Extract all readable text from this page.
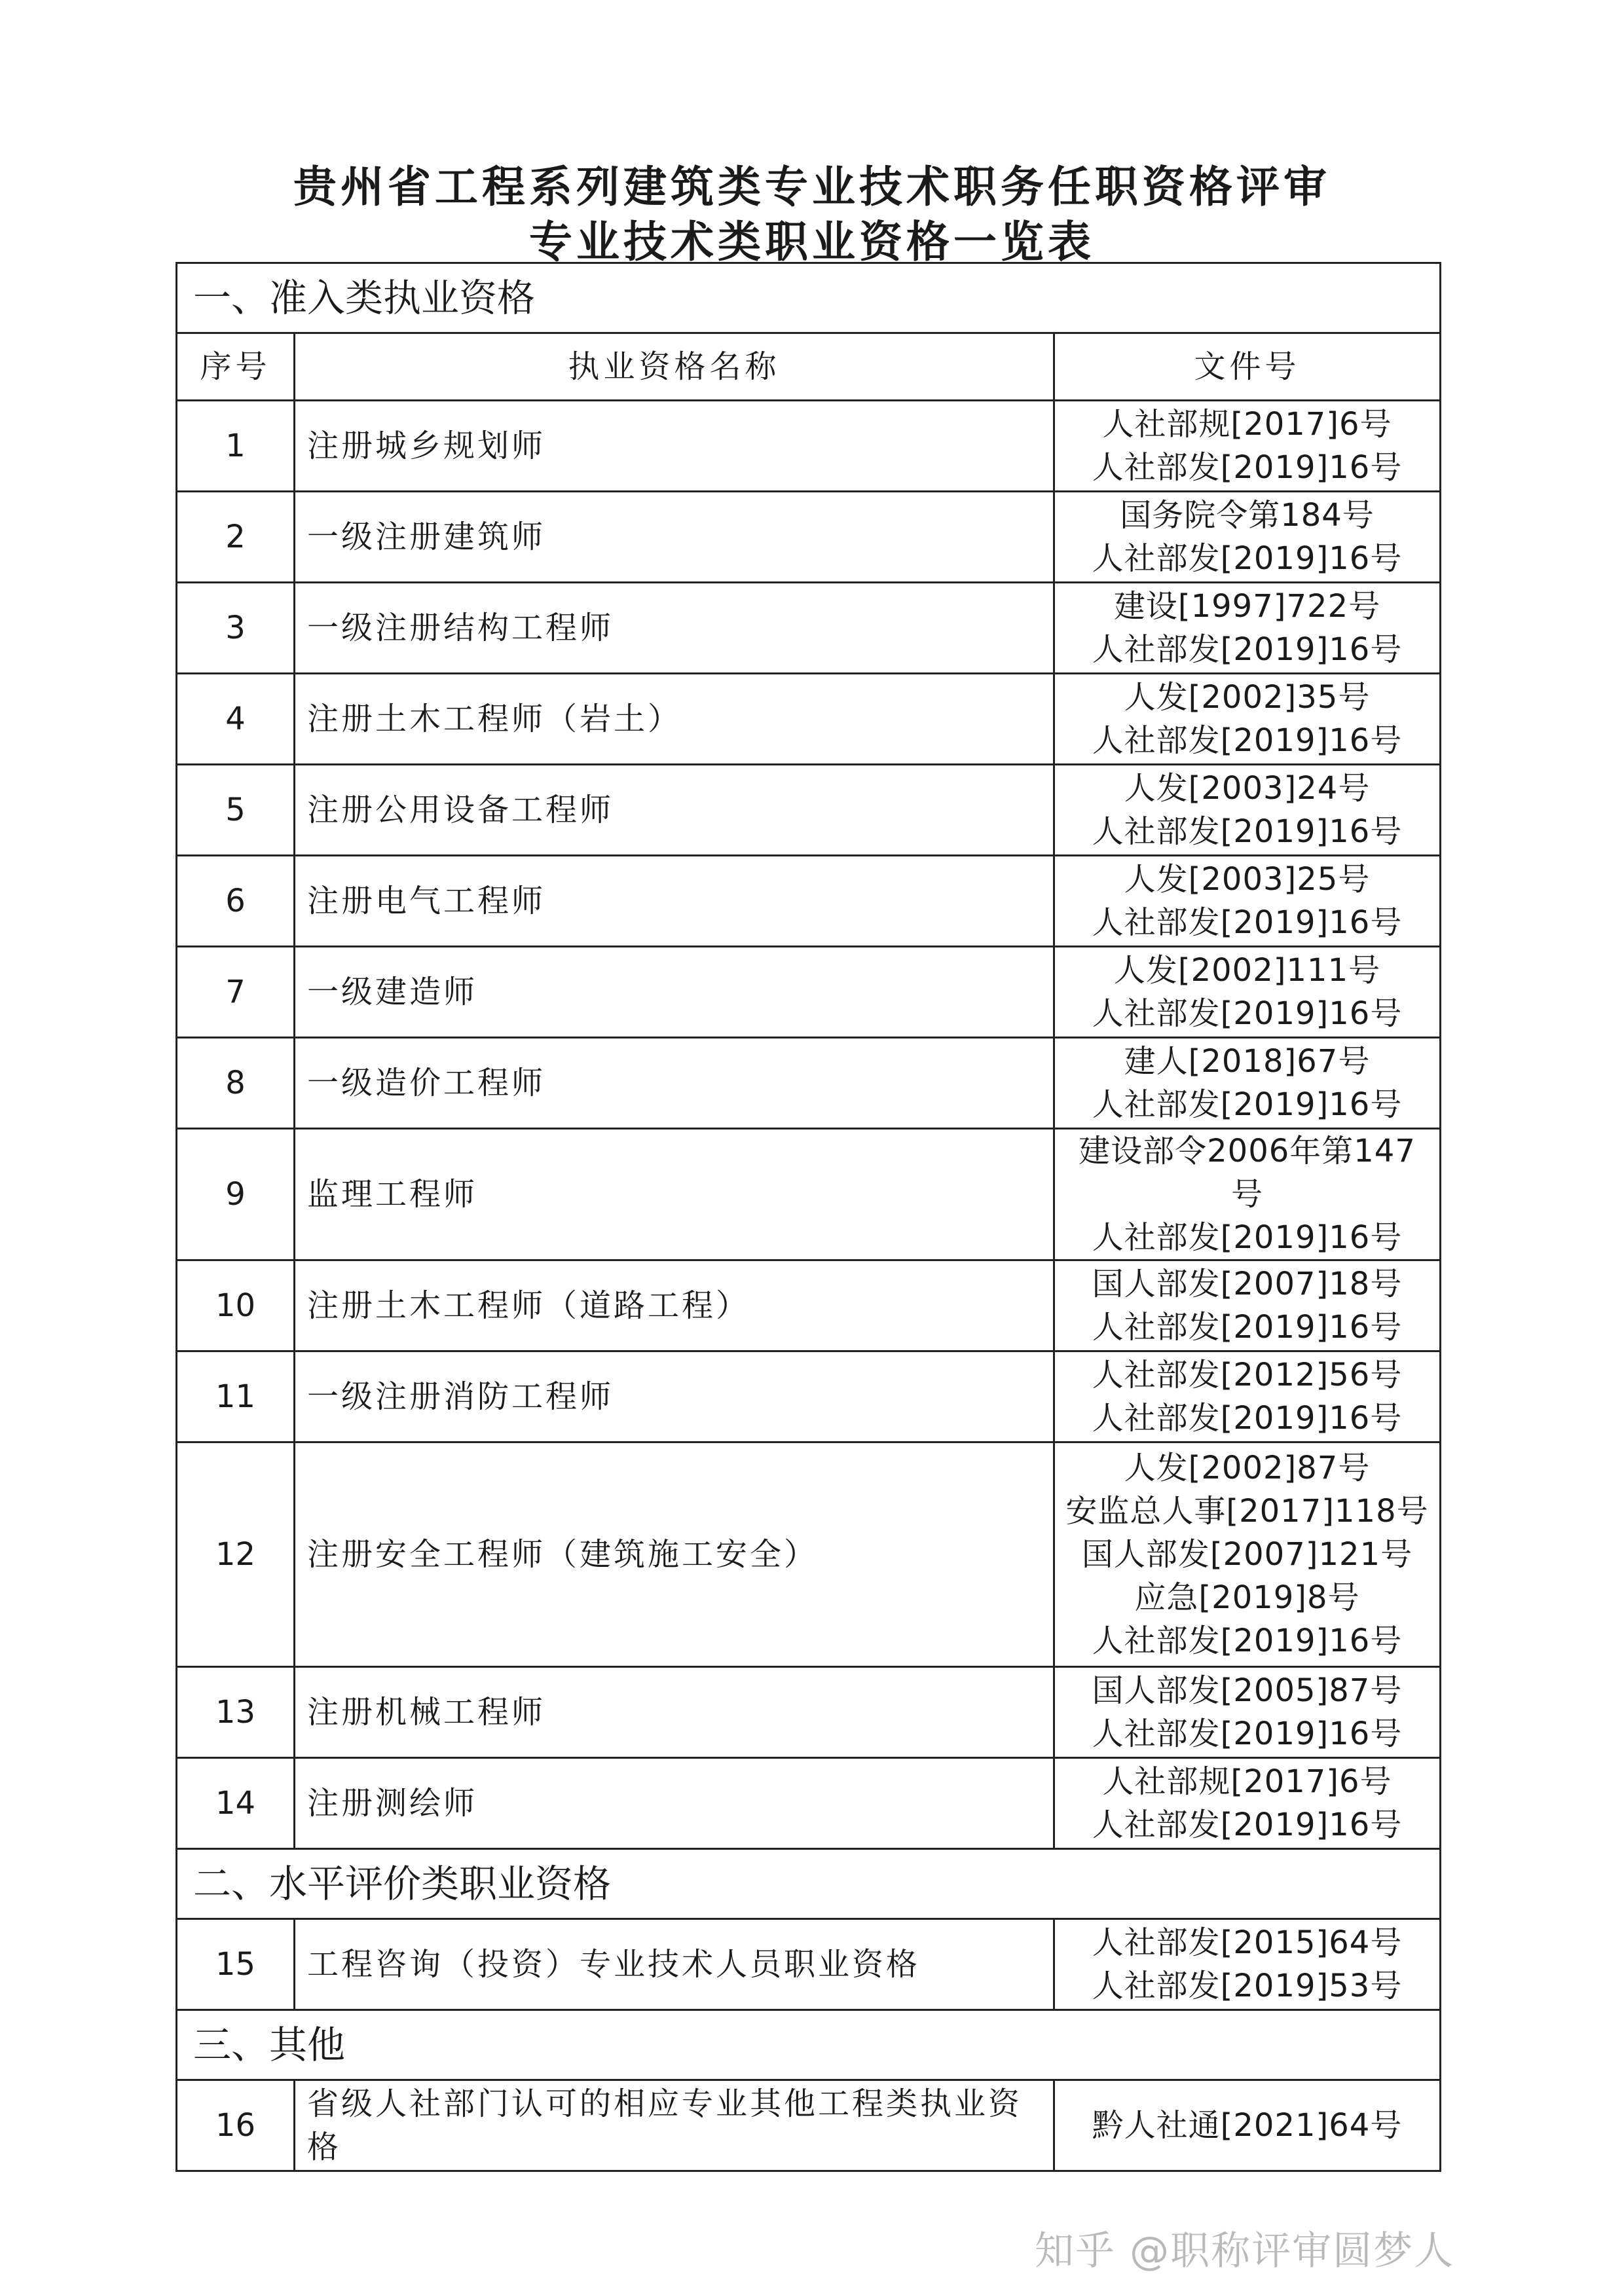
贵州省工程系列建筑类专业技术职务任职资格评审
专业技术类职业资格一览表
一、准入类执业资格		
序号	执业资格名称	文件号
1	注册城乡规划师	人社部规[2017]6号
人社部发[2019]16号

2	一级注册建筑师	国务院令第184号
人社部发[2019]16号

3	一级注册结构工程师	建设[1997]722号
人社部发[2019]16号

4	注册土木工程师（岩土）	人发[2002]35号
人社部发[2019]16号

5	注册公用设备工程师	人发[2003]24号
人社部发[2019]16号

6	注册电气工程师	人发[2003]25号
人社部发[2019]16号

7	一级建造师	人发[2002]111号
人社部发[2019]16号

8	一级造价工程师	建人[2018]67号
人社部发[2019]16号

9	监理工程师	建设部令2006年第147号
人社部发[2019]16号

10	注册土木工程师（道路工程）	国人部发[2007]18号
人社部发[2019]16号

11	一级注册消防工程师	人社部发[2012]56号
人社部发[2019]16号

12	注册安全工程师（建筑施工安全）	人发[2002]87号
安监总人事[2017]118号
国人部发[2007]121号
应急[2019]8号
人社部发[2019]16号

13	注册机械工程师	国人部发[2005]87号
人社部发[2019]16号

14	注册测绘师	人社部规[2017]6号
人社部发[2019]16号

二、水平评价类职业资格		
15	工程咨询（投资）专业技术人员职业资格	人社部发[2015]64号
人社部发[2019]53号

三、其他		
16	省级人社部门认可的相应专业其他工程类执业资格	黔人社通[2021]64号
知乎 @职称评审圆梦人
